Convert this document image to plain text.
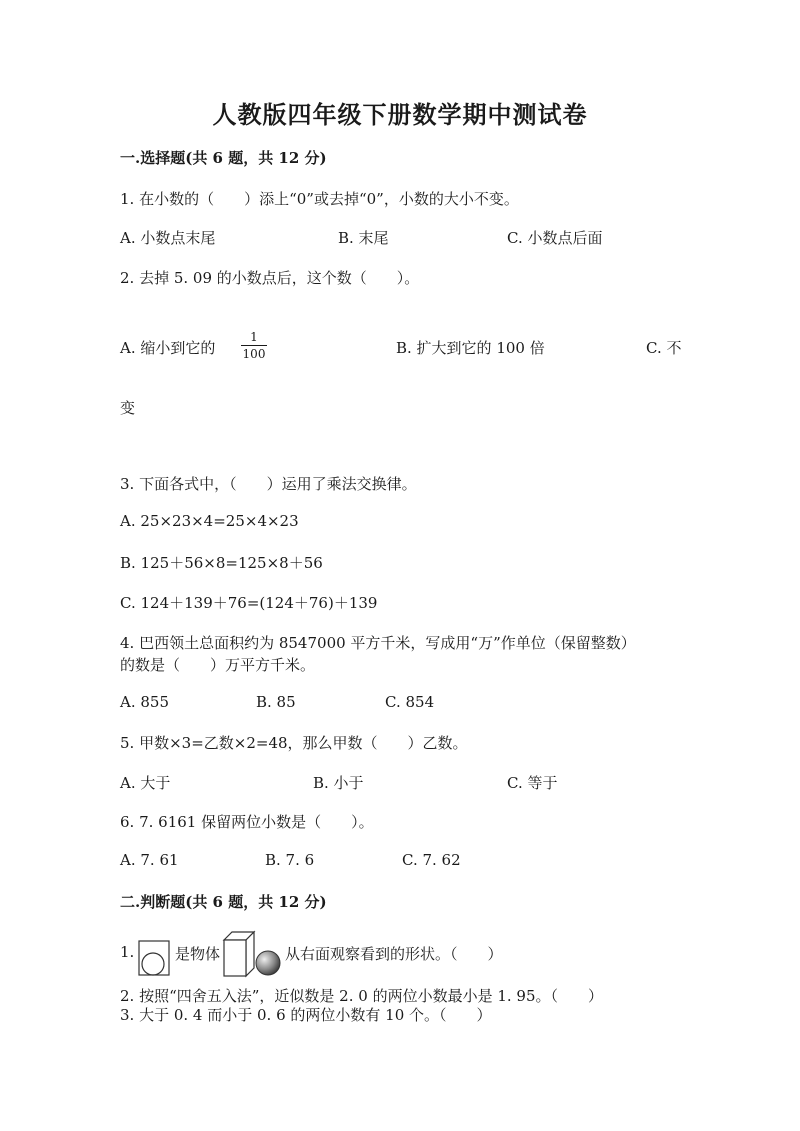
人教版四年级下册数学期中测试卷
一.选择题(共 6 题，共 12 分)
1. 在小数的（　　）添上“0”或去掉“0”，小数的大小不变。
A. 小数点末尾	B. 末尾	C. 小数点后面
2. 去掉 5. 09 的小数点后，这个数（　　）。
A. 缩小到它的
1
100	B. 扩大到它的 100 倍	C. 不
变
3. 下面各式中，（　　）运用了乘法交换律。
A. 25×23×4=25×4×23
B. 125＋56×8=125×8＋56
C. 124＋139＋76=(124＋76)＋139
4. 巴西领土总面积约为 8547000 平方千米，写成用“万”作单位（保留整数）
的数是（　　）万平方千米。
A. 855	B. 85	C. 854
5. 甲数×3=乙数×2=48，那么甲数（　　）乙数。
A. 大于	B. 小于	C. 等于
6. 7. 6161 保留两位小数是（　　）。
A. 7. 61	B. 7. 6	C. 7. 62
二.判断题(共 6 题，共 12 分)
1.	是物体	从右面观察看到的形状。（　　）
2. 按照“四舍五入法”，近似数是 2. 0 的两位小数最小是 1. 95。（　　）
3. 大于 0. 4 而小于 0. 6 的两位小数有 10 个。（　　）
